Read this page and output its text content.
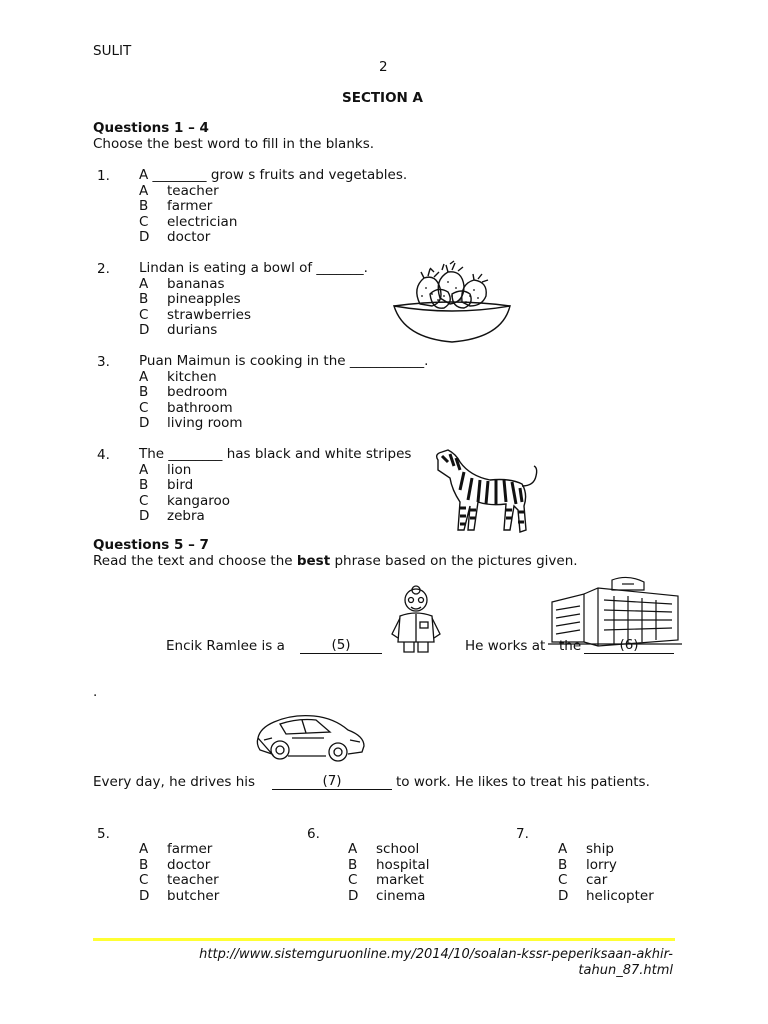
SULIT
2
SECTION A
Questions 1 – 4
Choose the best word to fill in the blanks.
1. A ________ grow s fruits and vegetables.
A teacher
B farmer
C electrician
D doctor
2. Lindan is eating a bowl of _______.
A bananas
B pineapples
C strawberries
D durians
3. Puan Maimun is cooking in the ___________.
A kitchen
B bedroom
C bathroom
D living room
4. The ________ has black and white stripes
A lion
B bird
C kangaroo
D zebra
Questions 5 – 7
Read the text and choose the best phrase based on the pictures given.
Encik Ramlee is a	(5)	He works at the	(6)
.
Every day, he drives his	(7)	to work. He likes to treat his patients.
5.
A farmer
B doctor
C teacher
D butcher
6.
A school
B hospital
C market
D cinema
7.
A ship
B lorry
C car
D helicopter
http://www.sistemguruonline.my/2014/10/soalan-kssr-peperiksaan-akhir-tahun_87.html
